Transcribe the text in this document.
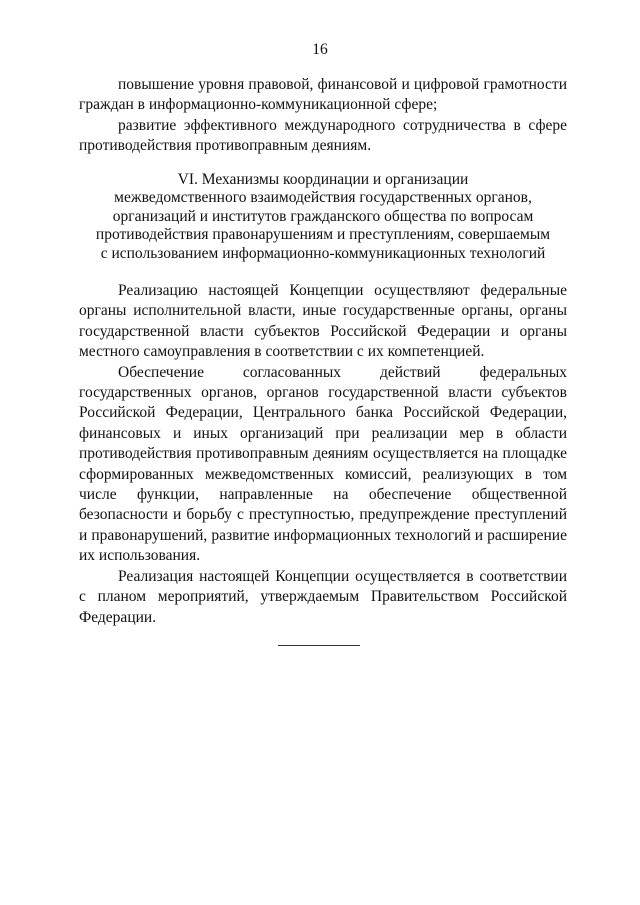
16

повышение уровня правовой, финансовой и цифровой грамотности граждан в информационно-коммуникационной сфере;

развитие эффективного международного сотрудничества в сфере противодействия противоправным деяниям.

VI. Механизмы координации и организации
межведомственного взаимодействия государственных органов,
организаций и институтов гражданского общества по вопросам
противодействия правонарушениям и преступлениям, совершаемым
с использованием информационно-коммуникационных технологий

Реализацию настоящей Концепции осуществляют федеральные органы исполнительной власти, иные государственные органы, органы государственной власти субъектов Российской Федерации и органы местного самоуправления в соответствии с их компетенцией.

Обеспечение согласованных действий федеральных государственных органов, органов государственной власти субъектов Российской Федерации, Центрального банка Российской Федерации, финансовых и иных организаций при реализации мер в области противодействия противоправным деяниям осуществляется на площадке сформированных межведомственных комиссий, реализующих в том числе функции, направленные на обеспечение общественной безопасности и борьбу с преступностью, предупреждение преступлений и правонарушений, развитие информационных технологий и расширение их использования.

Реализация настоящей Концепции осуществляется в соответствии с планом мероприятий, утверждаемым Правительством Российской Федерации.
